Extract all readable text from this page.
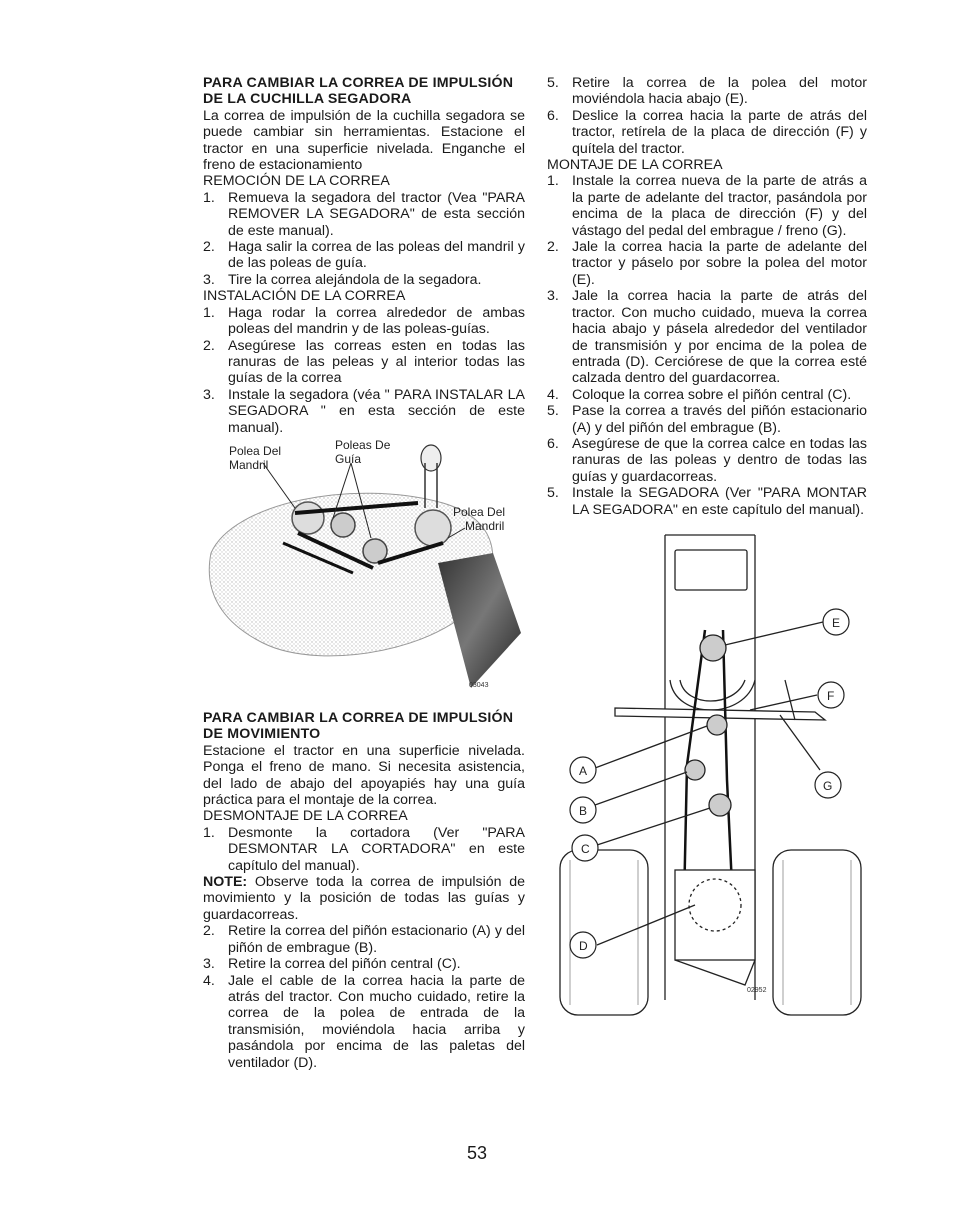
PARA CAMBIAR LA CORREA DE IMPULSIÓN DE LA CUCHILLA SEGADORA

La correa de impulsión de la cuchilla segadora se puede cambiar sin herramientas. Estacione el tractor en una superficie nivelada. Enganche el freno de estacionamiento

REMOCIÓN DE LA CORREA

1. Remueva la segadora del tractor (Vea "PARA REMOVER LA SEGADORA" de esta sección de este manual).
2. Haga salir la correa de las poleas del mandril y de las poleas de guía.
3. Tire la correa alejándola de la segadora.

INSTALACIÓN DE LA CORREA

1. Haga rodar la correa alrededor de ambas poleas del mandrin y de las poleas-guías.
2. Asegúrese las correas esten en todas las ranuras de las peleas y al interior todas las guías de la correa
3. Instale la segadora (véa " PARA INSTALAR LA SEGADORA " en esta sección de este manual).
Polea Del
Mandril
Poleas De
Guía
Polea Del
Mandril
03043

PARA CAMBIAR LA CORREA DE IMPULSIÓN DE MOVIMIENTO

Estacione el tractor en una superficie nivelada. Ponga el freno de mano. Si necesita asistencia, del lado de abajo del apoyapiés hay una guía práctica para el montaje de la correa.

DESMONTAJE DE LA CORREA

1. Desmonte la cortadora (Ver "PARA DESMONTAR LA CORTADORA" en este capítulo del manual).

NOTE: Observe toda la correa de impulsión de movimiento y la posición de todas las guías y guardacorreas.

2. Retire la correa del piñón estacionario (A) y del piñón de embrague (B).
3. Retire la correa del piñón central (C).
4. Jale el cable de la correa hacia la parte de atrás del tractor. Con mucho cuidado, retire la correa de la polea de entrada de la transmisión, moviéndola hacia arriba y pasándola por encima de las paletas del ventilador (D).
5. Retire la correa de la polea del motor moviéndola hacia abajo (E).
6. Deslice la correa hacia la parte de atrás del tractor, retírela de la placa de dirección (F) y quítela del tractor.

MONTAJE DE LA CORREA

1. Instale la correa nueva de la parte de atrás a la parte de adelante del tractor, pasándola por encima de la placa de dirección (F) y del vástago del pedal del embrague / freno (G).
2. Jale la correa hacia la parte de adelante del tractor y páselo por sobre la polea del motor (E).
3. Jale la correa hacia la parte de atrás del tractor. Con mucho cuidado, mueva la correa hacia abajo y pásela alrededor del ventilador de transmisión y por encima de la polea de entrada (D). Cerciórese de que la correa esté calzada dentro del guardacorrea.
4. Coloque la correa sobre el piñón central (C).
5. Pase la correa a través del piñón estacionario (A) y del piñón del embrague (B).
6. Asegúrese de que la correa calce en todas las ranuras de las poleas y dentro de todas las guías y guardacorreas.
5. Instale la SEGADORA (Ver "PARA MONTAR LA SEGADORA" en este capítulo del manual).
E
F
G
A
B
C
D
02952
53
